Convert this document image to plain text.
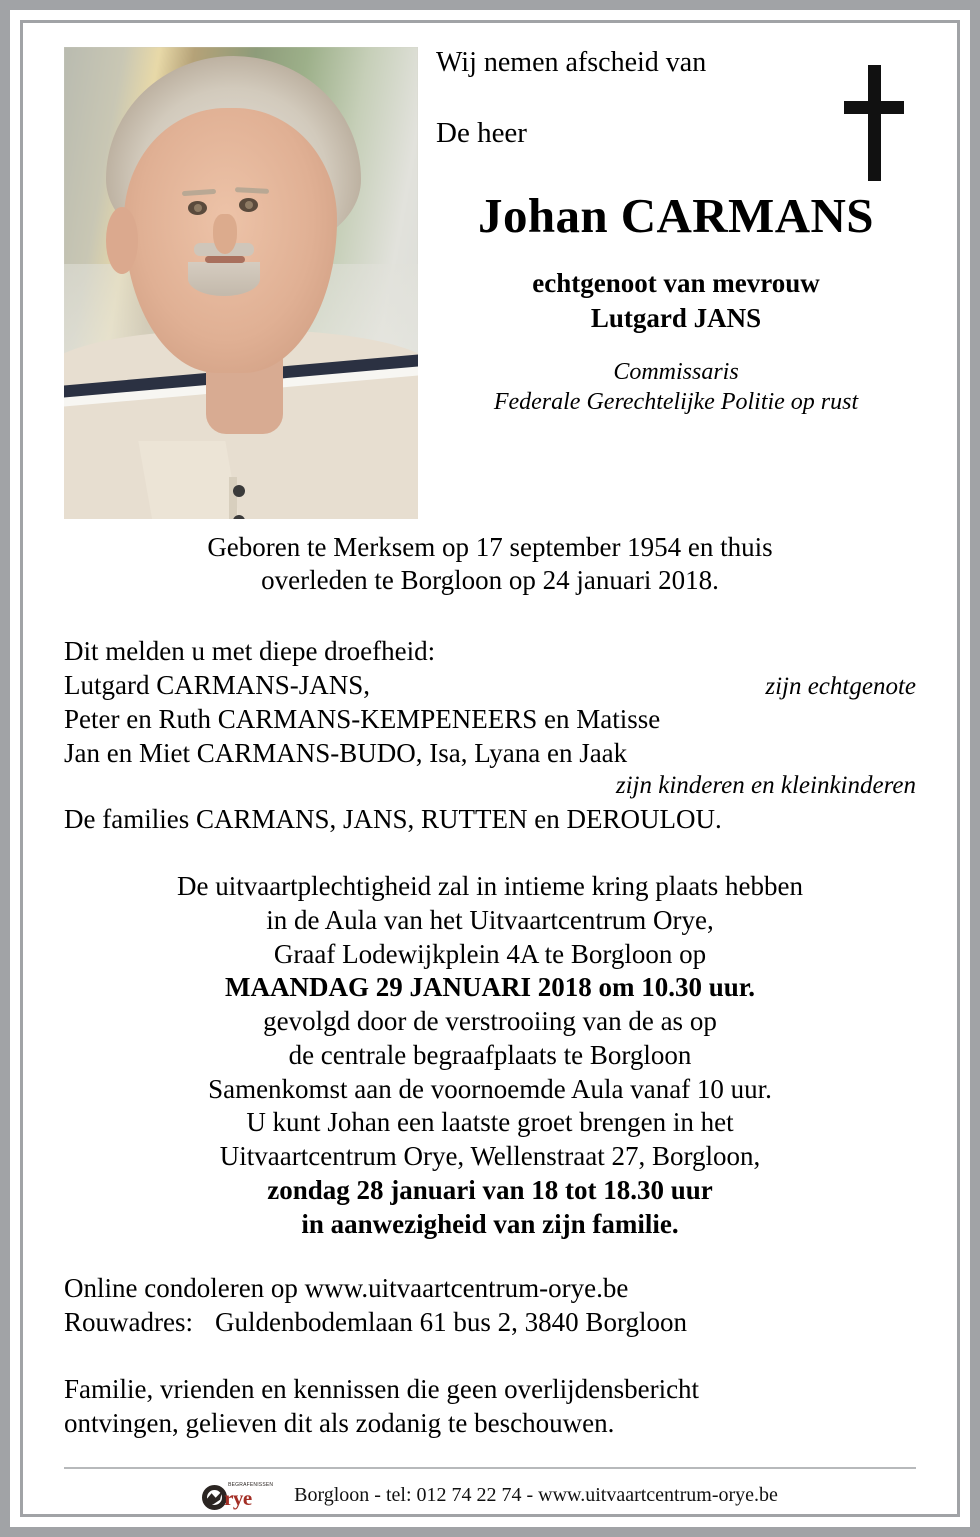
Wij nemen afscheid van
De heer
Johan CARMANS
echtgenoot van mevrouw
Lutgard JANS
Commissaris
Federale Gerechtelijke Politie op rust
Geboren te Merksem op 17 september 1954 en thuis
overleden te Borgloon op 24 januari 2018.
Dit melden u met diepe droefheid:
Lutgard CARMANS-JANS,	zijn echtgenote
Peter en Ruth CARMANS-KEMPENEERS en Matisse
Jan en Miet CARMANS-BUDO, Isa, Lyana en Jaak
zijn kinderen en kleinkinderen
De families CARMANS, JANS, RUTTEN en DEROULOU.
De uitvaartplechtigheid zal in intieme kring plaats hebben
in de Aula van het Uitvaartcentrum Orye,
Graaf Lodewijkplein 4A te Borgloon op
MAANDAG 29 JANUARI 2018 om 10.30 uur.
gevolgd door de verstrooiing van de as op
de centrale begraafplaats te Borgloon
Samenkomst aan de voornoemde Aula vanaf 10 uur.
U kunt Johan een laatste groet brengen in het
Uitvaartcentrum Orye, Wellenstraat 27, Borgloon,
zondag 28 januari van 18 tot 18.30 uur
in aanwezigheid van zijn familie.
Online condoleren op www.uitvaartcentrum-orye.be
Rouwadres: Guldenbodemlaan 61 bus 2, 3840 Borgloon
Familie, vrienden en kennissen die geen overlijdensbericht
ontvingen, gelieven dit als zodanig te beschouwen.
BEGRAFENISSEN
rye Borgloon - tel: 012 74 22 74 - www.uitvaartcentrum-orye.be
